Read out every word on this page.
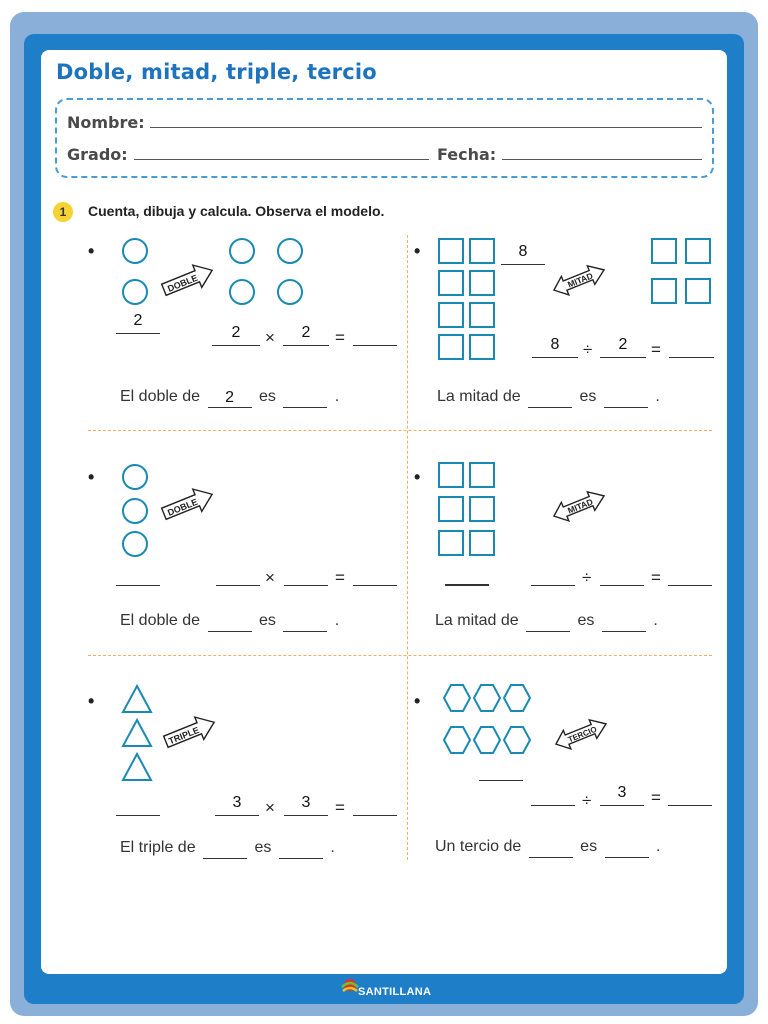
Doble, mitad, triple, tercio
Nombre:
Grado:	Fecha:
1	Cuenta, dibuja y calcula. Observa el modelo.
•
DOBLE
2
2	×	2	=
El doble de 2 es	.
•	8
MITAD
8	÷	2	=
La mitad de	es	.
•
DOBLE
×	=
El doble de	es	.
•
MITAD
÷	=
La mitad de	es	.
•
TRIPLE
3	×	3	=
El triple de	es	.
•
TERCIO
÷	3	=
Un tercio de	es	.
SANTILLANA
